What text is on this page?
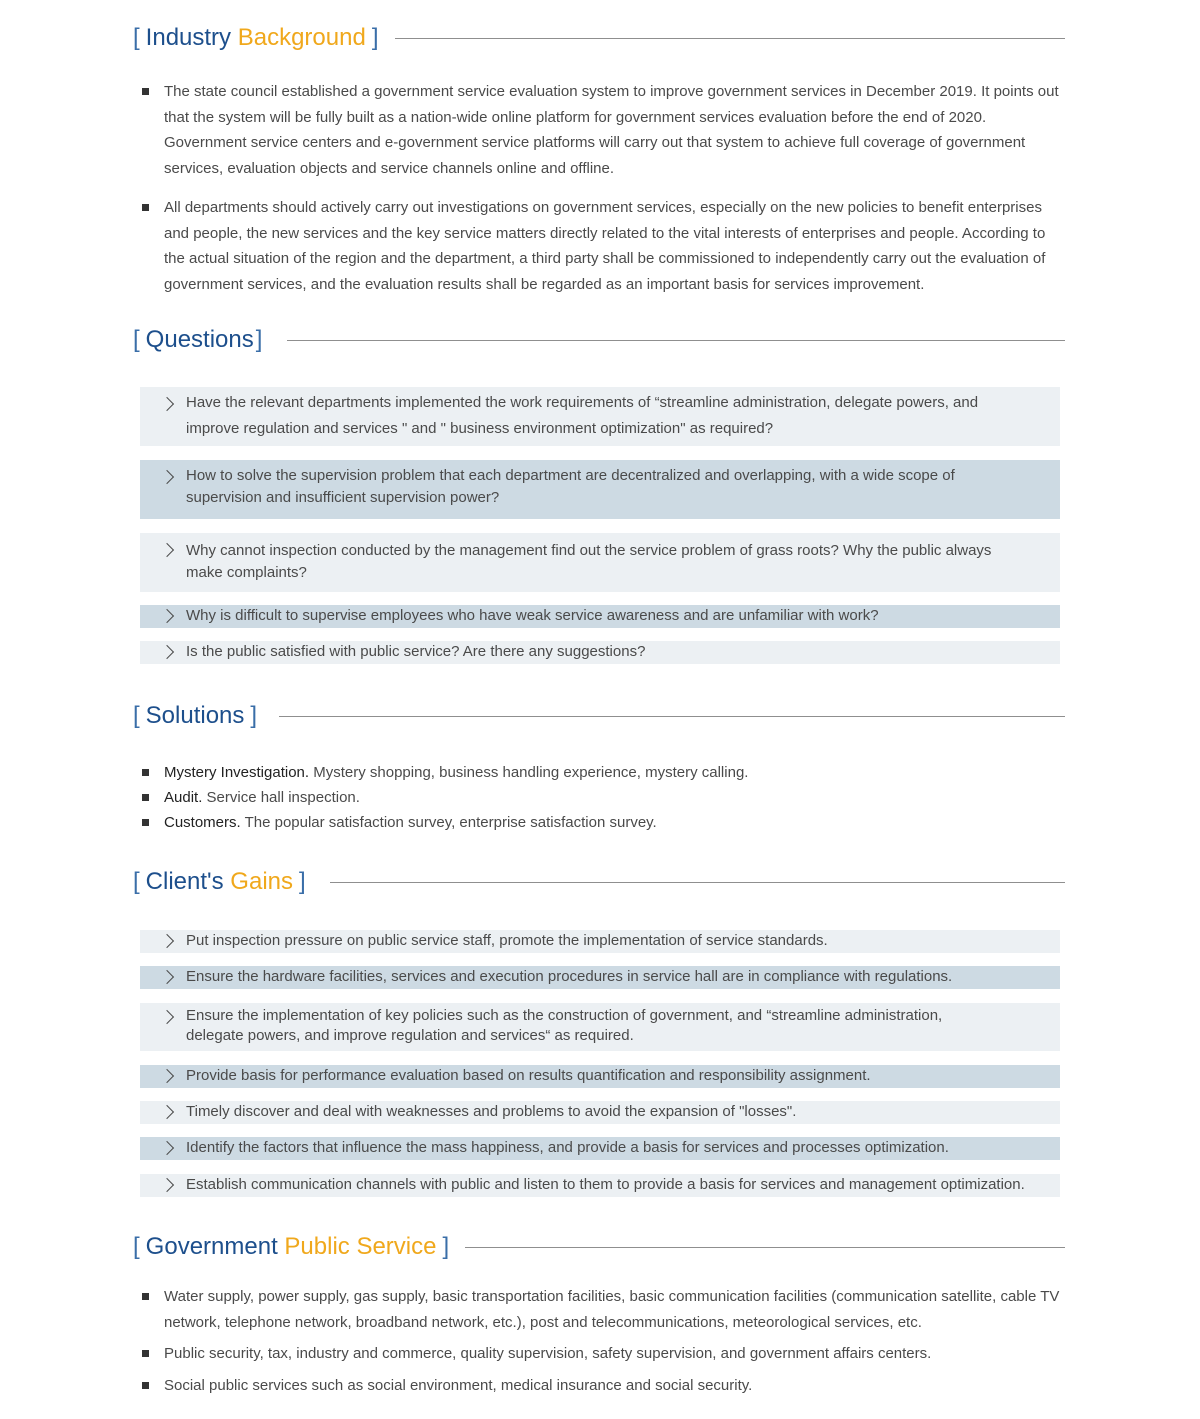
[ Industry Background ]
The state council established a government service evaluation system to improve government services in December 2019. It points out that the system will be fully built as a nation-wide online platform for government services evaluation before the end of 2020. Government service centers and e-government service platforms will carry out that system to achieve full coverage of government services, evaluation objects and service channels online and offline.
All departments should actively carry out investigations on government services, especially on the new policies to benefit enterprises and people, the new services and the key service matters directly related to the vital interests of enterprises and people. According to the actual situation of the region and the department, a third party shall be commissioned to independently carry out the evaluation of government services, and the evaluation results shall be regarded as an important basis for services improvement.
[ Questions]
Have the relevant departments implemented the work requirements of “streamline administration, delegate powers, and improve regulation and services " and " business environment optimization" as required?
How to solve the supervision problem that each department are decentralized and overlapping, with a wide scope of supervision and insufficient supervision power?
Why cannot inspection conducted by the management find out the service problem of grass roots? Why the public always make complaints?
Why is difficult to supervise employees who have weak service awareness and are unfamiliar with work?
Is the public satisfied with public service? Are there any suggestions?
[ Solutions ]
Mystery Investigation. Mystery shopping, business handling experience, mystery calling.
Audit. Service hall inspection.
Customers. The popular satisfaction survey, enterprise satisfaction survey.
[ Client's Gains ]
Put inspection pressure on public service staff, promote the implementation of service standards.
Ensure the hardware facilities, services and execution procedures in service hall are in compliance with regulations.
Ensure the implementation of key policies such as the construction of government, and “streamline administration, delegate powers, and improve regulation and services“ as required.
Provide basis for performance evaluation based on results quantification and responsibility assignment.
Timely discover and deal with weaknesses and problems to avoid the expansion of "losses".
Identify the factors that influence the mass happiness, and provide a basis for services and processes optimization.
Establish communication channels with public and listen to them to provide a basis for services and management optimization.
[ Government Public Service ]
Water supply, power supply, gas supply, basic transportation facilities, basic communication facilities (communication satellite, cable TV network, telephone network, broadband network, etc.), post and telecommunications, meteorological services, etc.
Public security, tax, industry and commerce, quality supervision, safety supervision, and government affairs centers.
Social public services such as social environment, medical insurance and social security.
